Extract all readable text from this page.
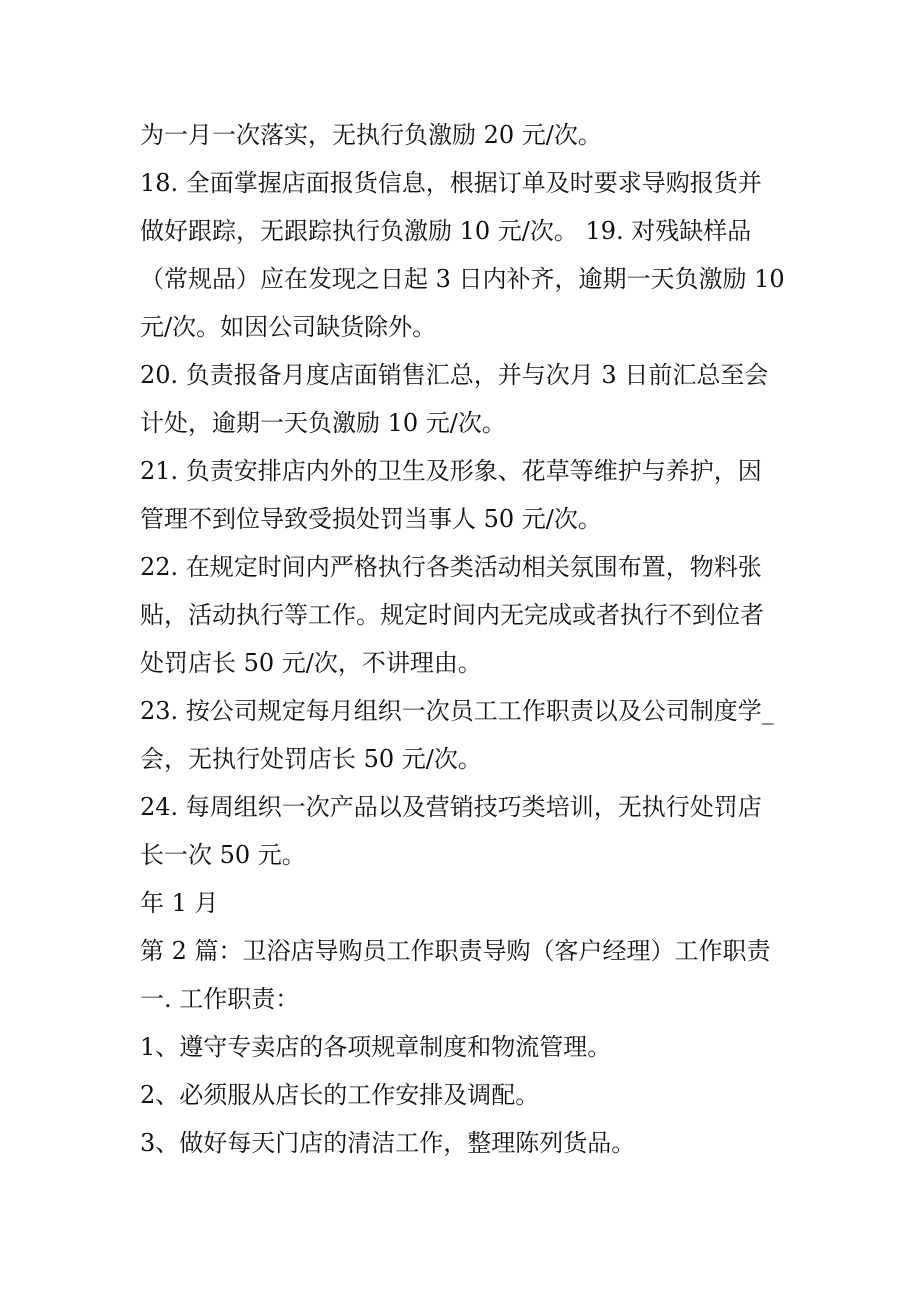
为一月一次落实，无执行负激励 20 元/次。
18. 全面掌握店面报货信息，根据订单及时要求导购报货并
做好跟踪，无跟踪执行负激励 10 元/次。 19. 对残缺样品
（常规品）应在发现之日起 3 日内补齐，逾期一天负激励 10
元/次。如因公司缺货除外。
20. 负责报备月度店面销售汇总，并与次月 3 日前汇总至会
计处，逾期一天负激励 10 元/次。
21. 负责安排店内外的卫生及形象、花草等维护与养护，因
管理不到位导致受损处罚当事人 50 元/次。
22. 在规定时间内严格执行各类活动相关氛围布置，物料张
贴，活动执行等工作。规定时间内无完成或者执行不到位者
处罚店长 50 元/次，不讲理由。
23. 按公司规定每月组织一次员工工作职责以及公司制度学_
会，无执行处罚店长 50 元/次。
24. 每周组织一次产品以及营销技巧类培训，无执行处罚店
长一次 50 元。
年 1 月
第 2 篇：卫浴店导购员工作职责导购（客户经理）工作职责
一. 工作职责：
1、遵守专卖店的各项规章制度和物流管理。
2、必须服从店长的工作安排及调配。
3、做好每天门店的清洁工作，整理陈列货品。
